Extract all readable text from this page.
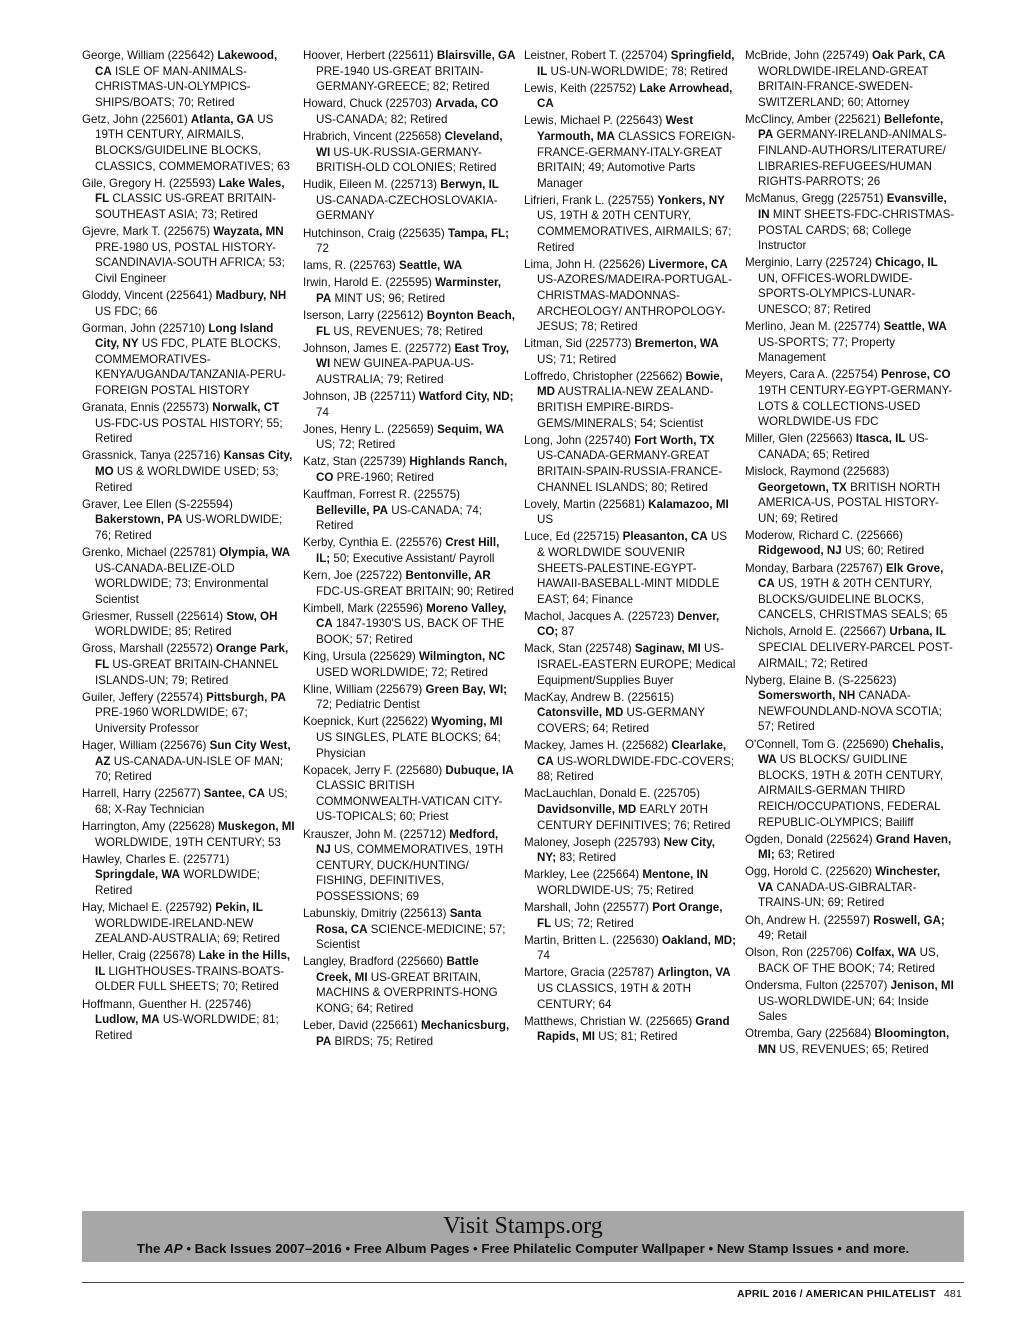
George, William (225642) Lakewood, CA ISLE OF MAN-ANIMALS-CHRISTMAS-UN-OLYMPICS-SHIPS/BOATS; 70; Retired
Getz, John (225601) Atlanta, GA US 19TH CENTURY, AIRMAILS, BLOCKS/GUIDELINE BLOCKS, CLASSICS, COMMEMORATIVES; 63
Gile, Gregory H. (225593) Lake Wales, FL CLASSIC US-GREAT BRITAIN-SOUTHEAST ASIA; 73; Retired
Gjevre, Mark T. (225675) Wayzata, MN PRE-1980 US, POSTAL HISTORY-SCANDINAVIA-SOUTH AFRICA; 53; Civil Engineer
Gloddy, Vincent (225641) Madbury, NH US FDC; 66
Gorman, John (225710) Long Island City, NY US FDC, PLATE BLOCKS, COMMEMORATIVES-KENYA/UGANDA/TANZANIA-PERU-FOREIGN POSTAL HISTORY
Granata, Ennis (225573) Norwalk, CT US-FDC-US POSTAL HISTORY; 55; Retired
Grassnick, Tanya (225716) Kansas City, MO US & WORLDWIDE USED; 53; Retired
Graver, Lee Ellen (S-225594) Bakerstown, PA US-WORLDWIDE; 76; Retired
Grenko, Michael (225781) Olympia, WA US-CANADA-BELIZE-OLD WORLDWIDE; 73; Environmental Scientist
Griesmer, Russell (225614) Stow, OH WORLDWIDE; 85; Retired
Gross, Marshall (225572) Orange Park, FL US-GREAT BRITAIN-CHANNEL ISLANDS-UN; 79; Retired
Guiler, Jeffery (225574) Pittsburgh, PA PRE-1960 WORLDWIDE; 67; University Professor
Hager, William (225676) Sun City West, AZ US-CANADA-UN-ISLE OF MAN; 70; Retired
Harrell, Harry (225677) Santee, CA US; 68; X-Ray Technician
Harrington, Amy (225628) Muskegon, MI WORLDWIDE, 19TH CENTURY; 53
Hawley, Charles E. (225771) Springdale, WA WORLDWIDE; Retired
Hay, Michael E. (225792) Pekin, IL WORLDWIDE-IRELAND-NEW ZEALAND-AUSTRALIA; 69; Retired
Heller, Craig (225678) Lake in the Hills, IL LIGHTHOUSES-TRAINS-BOATS-OLDER FULL SHEETS; 70; Retired
Hoffmann, Guenther H. (225746) Ludlow, MA US-WORLDWIDE; 81; Retired
Hoover, Herbert (225611) Blairsville, GA PRE-1940 US-GREAT BRITAIN-GERMANY-GREECE; 82; Retired
Howard, Chuck (225703) Arvada, CO US-CANADA; 82; Retired
Hrabrich, Vincent (225658) Cleveland, WI US-UK-RUSSIA-GERMANY-BRITISH-OLD COLONIES; Retired
Hudik, Eileen M. (225713) Berwyn, IL US-CANADA-CZECHOSLOVAKIA-GERMANY
Hutchinson, Craig (225635) Tampa, FL; 72
Iams, R. (225763) Seattle, WA
Irwin, Harold E. (225595) Warminster, PA MINT US; 96; Retired
Iserson, Larry (225612) Boynton Beach, FL US, REVENUES; 78; Retired
Johnson, James E. (225772) East Troy, WI NEW GUINEA-PAPUA-US-AUSTRALIA; 79; Retired
Johnson, JB (225711) Watford City, ND; 74
Jones, Henry L. (225659) Sequim, WA US; 72; Retired
Katz, Stan (225739) Highlands Ranch, CO PRE-1960; Retired
Kauffman, Forrest R. (225575) Belleville, PA US-CANADA; 74; Retired
Kerby, Cynthia E. (225576) Crest Hill, IL; 50; Executive Assistant/ Payroll
Kern, Joe (225722) Bentonville, AR FDC-US-GREAT BRITAIN; 90; Retired
Kimbell, Mark (225596) Moreno Valley, CA 1847-1930'S US, BACK OF THE BOOK; 57; Retired
King, Ursula (225629) Wilmington, NC USED WORLDWIDE; 72; Retired
Kline, William (225679) Green Bay, WI; 72; Pediatric Dentist
Koepnick, Kurt (225622) Wyoming, MI US SINGLES, PLATE BLOCKS; 64; Physician
Kopacek, Jerry F. (225680) Dubuque, IA CLASSIC BRITISH COMMONWEALTH-VATICAN CITY-US-TOPICALS; 60; Priest
Krauszer, John M. (225712) Medford, NJ US, COMMEMORATIVES, 19TH CENTURY, DUCK/HUNTING/ FISHING, DEFINITIVES, POSSESSIONS; 69
Labunskiy, Dmitriy (225613) Santa Rosa, CA SCIENCE-MEDICINE; 57; Scientist
Langley, Bradford (225660) Battle Creek, MI US-GREAT BRITAIN, MACHINS & OVERPRINTS-HONG KONG; 64; Retired
Leber, David (225661) Mechanicsburg, PA BIRDS; 75; Retired
Leistner, Robert T. (225704) Springfield, IL US-UN-WORLDWIDE; 78; Retired
Lewis, Keith (225752) Lake Arrowhead, CA
Lewis, Michael P. (225643) West Yarmouth, MA CLASSICS FOREIGN-FRANCE-GERMANY-ITALY-GREAT BRITAIN; 49; Automotive Parts Manager
Lifrieri, Frank L. (225755) Yonkers, NY US, 19TH & 20TH CENTURY, COMMEMORATIVES, AIRMAILS; 67; Retired
Lima, John H. (225626) Livermore, CA US-AZORES/MADEIRA-PORTUGAL-CHRISTMAS-MADONNAS-ARCHEOLOGY/ ANTHROPOLOGY-JESUS; 78; Retired
Litman, Sid (225773) Bremerton, WA US; 71; Retired
Loffredo, Christopher (225662) Bowie, MD AUSTRALIA-NEW ZEALAND-BRITISH EMPIRE-BIRDS-GEMS/MINERALS; 54; Scientist
Long, John (225740) Fort Worth, TX US-CANADA-GERMANY-GREAT BRITAIN-SPAIN-RUSSIA-FRANCE-CHANNEL ISLANDS; 80; Retired
Lovely, Martin (225681) Kalamazoo, MI US
Luce, Ed (225715) Pleasanton, CA US & WORLDWIDE SOUVENIR SHEETS-PALESTINE-EGYPT-HAWAII-BASEBALL-MINT MIDDLE EAST; 64; Finance
Machol, Jacques A. (225723) Denver, CO; 87
Mack, Stan (225748) Saginaw, MI US-ISRAEL-EASTERN EUROPE; Medical Equipment/Supplies Buyer
MacKay, Andrew B. (225615) Catonsville, MD US-GERMANY COVERS; 64; Retired
Mackey, James H. (225682) Clearlake, CA US-WORLDWIDE-FDC-COVERS; 88; Retired
MacLauchlan, Donald E. (225705) Davidsonville, MD EARLY 20TH CENTURY DEFINITIVES; 76; Retired
Maloney, Joseph (225793) New City, NY; 83; Retired
Markley, Lee (225664) Mentone, IN WORLDWIDE-US; 75; Retired
Marshall, John (225577) Port Orange, FL US; 72; Retired
Martin, Britten L. (225630) Oakland, MD; 74
Martore, Gracia (225787) Arlington, VA US CLASSICS, 19TH & 20TH CENTURY; 64
Matthews, Christian W. (225665) Grand Rapids, MI US; 81; Retired
McBride, John (225749) Oak Park, CA WORLDWIDE-IRELAND-GREAT BRITAIN-FRANCE-SWEDEN-SWITZERLAND; 60; Attorney
McClincy, Amber (225621) Bellefonte, PA GERMANY-IRELAND-ANIMALS-FINLAND-AUTHORS/LITERATURE/ LIBRARIES-REFUGEES/HUMAN RIGHTS-PARROTS; 26
McManus, Gregg (225751) Evansville, IN MINT SHEETS-FDC-CHRISTMAS-POSTAL CARDS; 68; College Instructor
Merginio, Larry (225724) Chicago, IL UN, OFFICES-WORLDWIDE-SPORTS-OLYMPICS-LUNAR-UNESCO; 87; Retired
Merlino, Jean M. (225774) Seattle, WA US-SPORTS; 77; Property Management
Meyers, Cara A. (225754) Penrose, CO 19TH CENTURY-EGYPT-GERMANY-LOTS & COLLECTIONS-USED WORLDWIDE-US FDC
Miller, Glen (225663) Itasca, IL US-CANADA; 65; Retired
Mislock, Raymond (225683) Georgetown, TX BRITISH NORTH AMERICA-US, POSTAL HISTORY-UN; 69; Retired
Moderow, Richard C. (225666) Ridgewood, NJ US; 60; Retired
Monday, Barbara (225767) Elk Grove, CA US, 19TH & 20TH CENTURY, BLOCKS/GUIDELINE BLOCKS, CANCELS, CHRISTMAS SEALS; 65
Nichols, Arnold E. (225667) Urbana, IL SPECIAL DELIVERY-PARCEL POST-AIRMAIL; 72; Retired
Nyberg, Elaine B. (S-225623) Somersworth, NH CANADA-NEWFOUNDLAND-NOVA SCOTIA; 57; Retired
O'Connell, Tom G. (225690) Chehalis, WA US BLOCKS/ GUIDLINE BLOCKS, 19TH & 20TH CENTURY, AIRMAILS-GERMAN THIRD REICH/OCCUPATIONS, FEDERAL REPUBLIC-OLYMPICS; Bailiff
Ogden, Donald (225624) Grand Haven, MI; 63; Retired
Ogg, Horold C. (225620) Winchester, VA CANADA-US-GIBRALTAR-TRAINS-UN; 69; Retired
Oh, Andrew H. (225597) Roswell, GA; 49; Retail
Olson, Ron (225706) Colfax, WA US, BACK OF THE BOOK; 74; Retired
Ondersma, Fulton (225707) Jenison, MI US-WORLDWIDE-UN; 64; Inside Sales
Otremba, Gary (225684) Bloomington, MN US, REVENUES; 65; Retired
Visit Stamps.org
The AP • Back Issues 2007–2016 • Free Album Pages • Free Philatelic Computer Wallpaper • New Stamp Issues • and more.
APRIL 2016 / AMERICAN PHILATELIST 481
